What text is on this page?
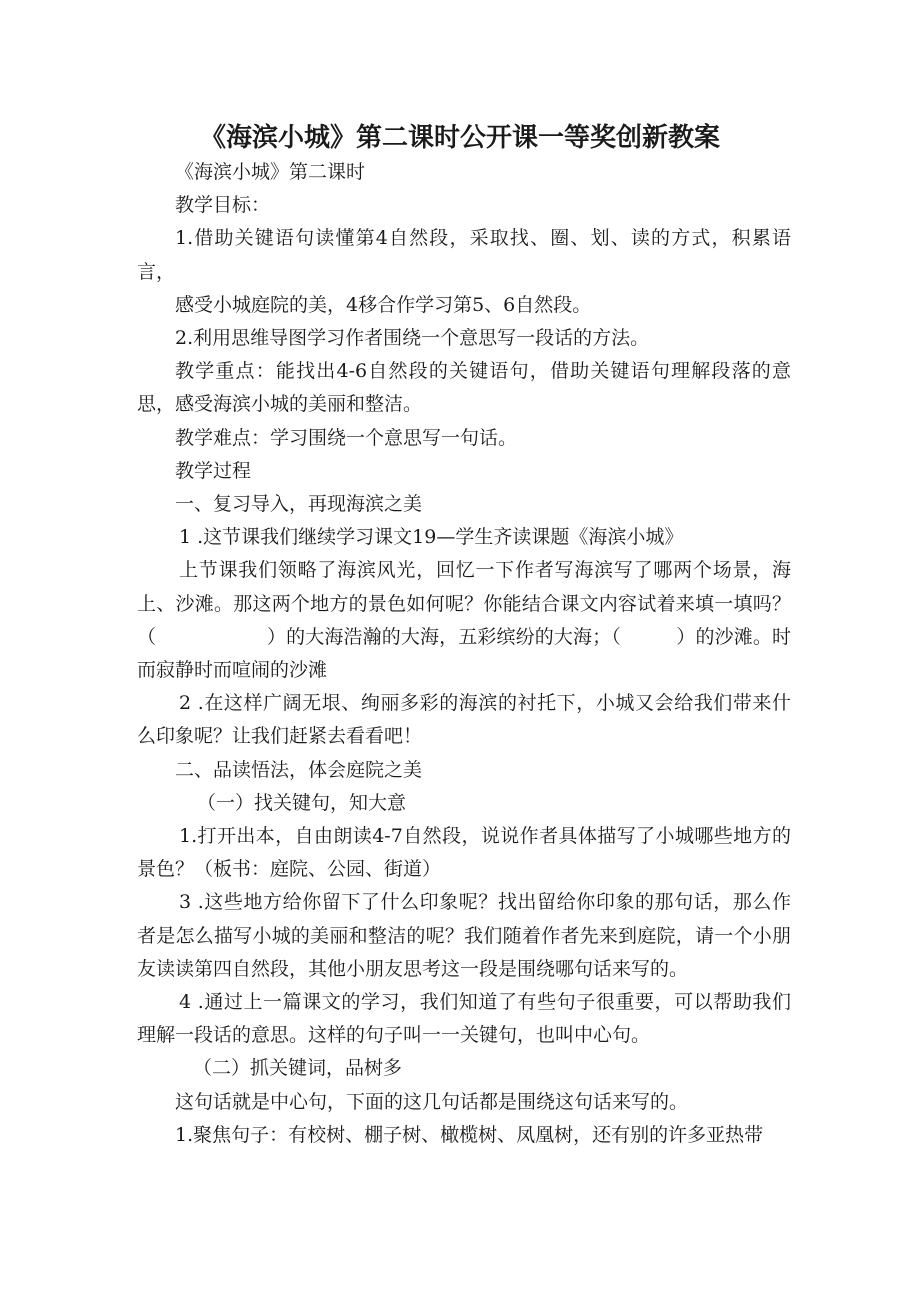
《海滨小城》第二课时公开课一等奖创新教案

《海滨小城》第二课时

教学目标：

1.借助关键语句读懂第4自然段，采取找、圈、划、读的方式，积累语言，

感受小城庭院的美，4移合作学习第5、6自然段。

2.利用思维导图学习作者围绕一个意思写一段话的方法。

教学重点：能找出4-6自然段的关键语句，借助关键语句理解段落的意思，感受海滨小城的美丽和整洁。

教学难点：学习围绕一个意思写一句话。

教学过程

一、复习导入，再现海滨之美

1 .这节课我们继续学习课文19—学生齐读课题《海滨小城》

上节课我们领略了海滨风光，回忆一下作者写海滨写了哪两个场景，海上、沙滩。那这两个地方的景色如何呢？你能结合课文内容试着来填一填吗？（                  ）的大海浩瀚的大海，五彩缤纷的大海；（         ）的沙滩。时而寂静时而喧闹的沙滩

2 .在这样广阔无垠、绚丽多彩的海滨的衬托下，小城又会给我们带来什么印象呢？让我们赶紧去看看吧！

二、品读悟法，体会庭院之美

（一）找关键句，知大意

1.打开出本，自由朗读4-7自然段，说说作者具体描写了小城哪些地方的景色？（板书：庭院、公园、街道）

3 .这些地方给你留下了什么印象呢？找出留给你印象的那句话，那么作者是怎么描写小城的美丽和整洁的呢？我们随着作者先来到庭院，请一个小朋友读读第四自然段，其他小朋友思考这一段是围绕哪句话来写的。

4 .通过上一篇课文的学习，我们知道了有些句子很重要，可以帮助我们理解一段话的意思。这样的句子叫一一关键句，也叫中心句。

（二）抓关键词，品树多

这句话就是中心句，下面的这几句话都是围绕这句话来写的。

1.聚焦句子：有校树、棚子树、橄榄树、凤凰树，还有别的许多亚热带
